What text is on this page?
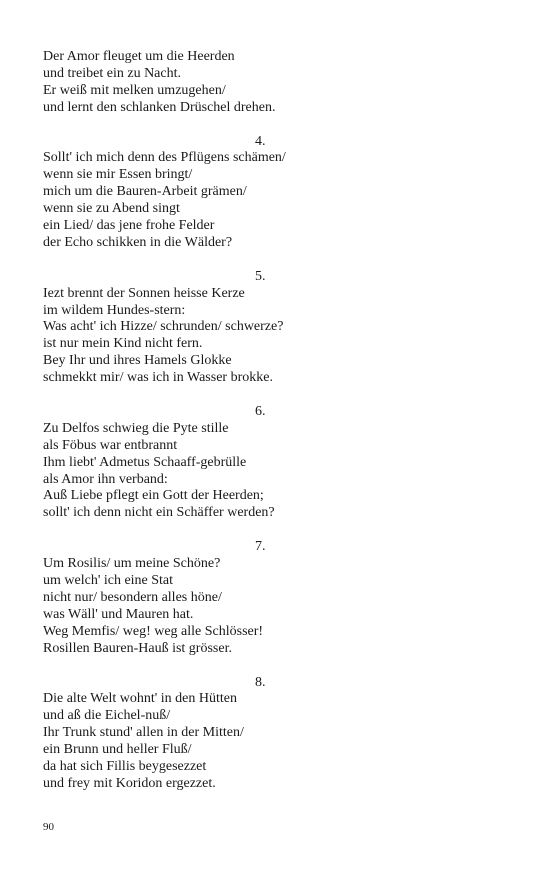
Der Amor fleuget um die Heerden
und treibet ein zu Nacht.
Er weiß mit melken umzugehen/
und lernt den schlanken Drüschel drehen.
4.
Sollt' ich mich denn des Pflügens schämen/
wenn sie mir Essen bringt/
mich um die Bauren-Arbeit grämen/
wenn sie zu Abend singt
ein Lied/ das jene frohe Felder
der Echo schikken in die Wälder?
5.
Iezt brennt der Sonnen heisse Kerze
im wildem Hundes-stern:
Was acht' ich Hizze/ schrunden/ schwerze?
ist nur mein Kind nicht fern.
Bey Ihr und ihres Hamels Glokke
schmekkt mir/ was ich in Wasser brokke.
6.
Zu Delfos schwieg die Pyte stille
als Föbus war entbrannt
Ihm liebt' Admetus Schaaff-gebrülle
als Amor ihn verband:
Auß Liebe pflegt ein Gott der Heerden;
sollt' ich denn nicht ein Schäffer werden?
7.
Um Rosilis/ um meine Schöne?
um welch' ich eine Stat
nicht nur/ besondern alles höne/
was Wäll' und Mauren hat.
Weg Memfis/ weg! weg alle Schlösser!
Rosillen Bauren-Hauß ist grösser.
8.
Die alte Welt wohnt' in den Hütten
und aß die Eichel-nuß/
Ihr Trunk stund' allen in der Mitten/
ein Brunn und heller Fluß/
da hat sich Fillis beygesezzet
und frey mit Koridon ergezzet.
90
